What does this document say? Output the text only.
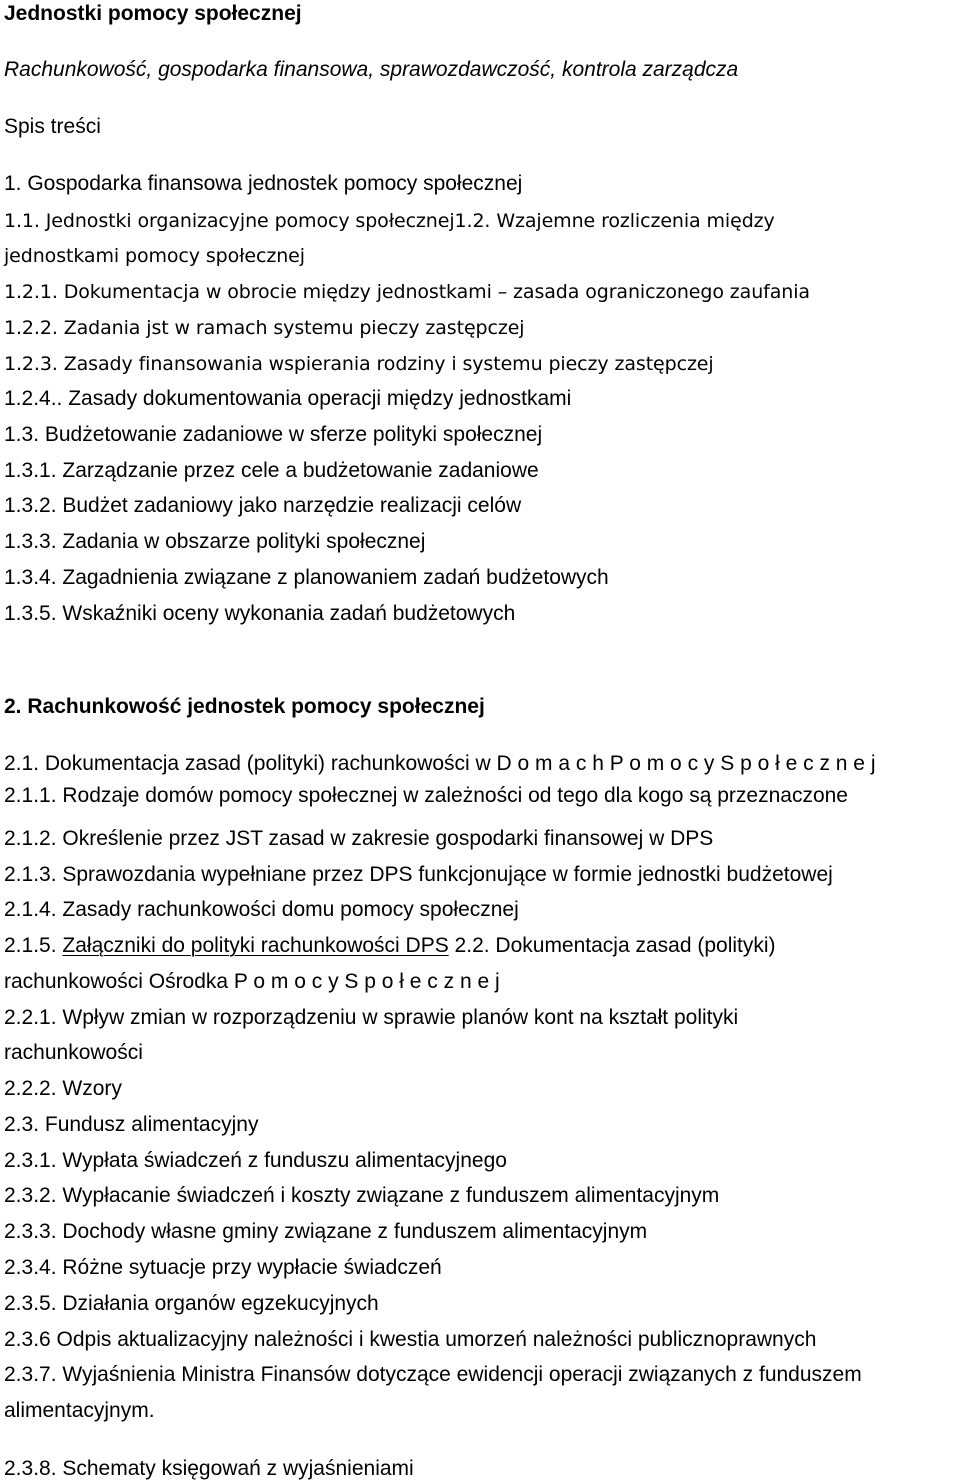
Jednostki pomocy społecznej
Rachunkowość, gospodarka finansowa, sprawozdawczość, kontrola zarządcza
Spis treści
1. Gospodarka finansowa jednostek pomocy społecznej
1.1. Jednostki organizacyjne pomocy społecznej1.2. Wzajemne rozliczenia między
jednostkami pomocy społecznej
1.2.1. Dokumentacja w obrocie między jednostkami – zasada ograniczonego zaufania
1.2.2. Zadania jst w ramach systemu pieczy zastępczej
1.2.3. Zasady finansowania wspierania rodziny i systemu pieczy zastępczej
1.2.4.. Zasady dokumentowania operacji między jednostkami
1.3. Budżetowanie zadaniowe w sferze polityki społecznej
1.3.1. Zarządzanie przez cele a budżetowanie zadaniowe
1.3.2. Budżet zadaniowy jako narzędzie realizacji celów
1.3.3. Zadania w obszarze polityki społecznej
1.3.4. Zagadnienia związane z planowaniem zadań budżetowych
1.3.5. Wskaźniki oceny wykonania zadań budżetowych
2. Rachunkowość jednostek pomocy społecznej
2.1. Dokumentacja zasad (polityki) rachunkowości w D o m a c h P o m o c y S p o ł e c z n e j
2.1.1. Rodzaje domów pomocy społecznej w zależności od tego dla kogo są przeznaczone
2.1.2. Określenie przez JST zasad w zakresie gospodarki finansowej w DPS
2.1.3. Sprawozdania wypełniane przez DPS funkcjonujące w formie jednostki budżetowej
2.1.4. Zasady rachunkowości domu pomocy społecznej
2.1.5. Załączniki do polityki rachunkowości DPS 2.2. Dokumentacja zasad (polityki)
rachunkowości Ośrodka P o m o c y S p o ł e c z n e j
2.2.1. Wpływ zmian w rozporządzeniu w sprawie planów kont na kształt polityki
rachunkowości
2.2.2. Wzory
2.3. Fundusz alimentacyjny
2.3.1. Wypłata świadczeń z funduszu alimentacyjnego
2.3.2. Wypłacanie świadczeń i koszty związane z funduszem alimentacyjnym
2.3.3. Dochody własne gminy związane z funduszem alimentacyjnym
2.3.4. Różne sytuacje przy wypłacie świadczeń
2.3.5. Działania organów egzekucyjnych
2.3.6 Odpis aktualizacyjny należności i kwestia umorzeń należności publicznoprawnych
2.3.7. Wyjaśnienia Ministra Finansów dotyczące ewidencji operacji związanych z funduszem
alimentacyjnym.
2.3.8. Schematy księgowań z wyjaśnieniami
